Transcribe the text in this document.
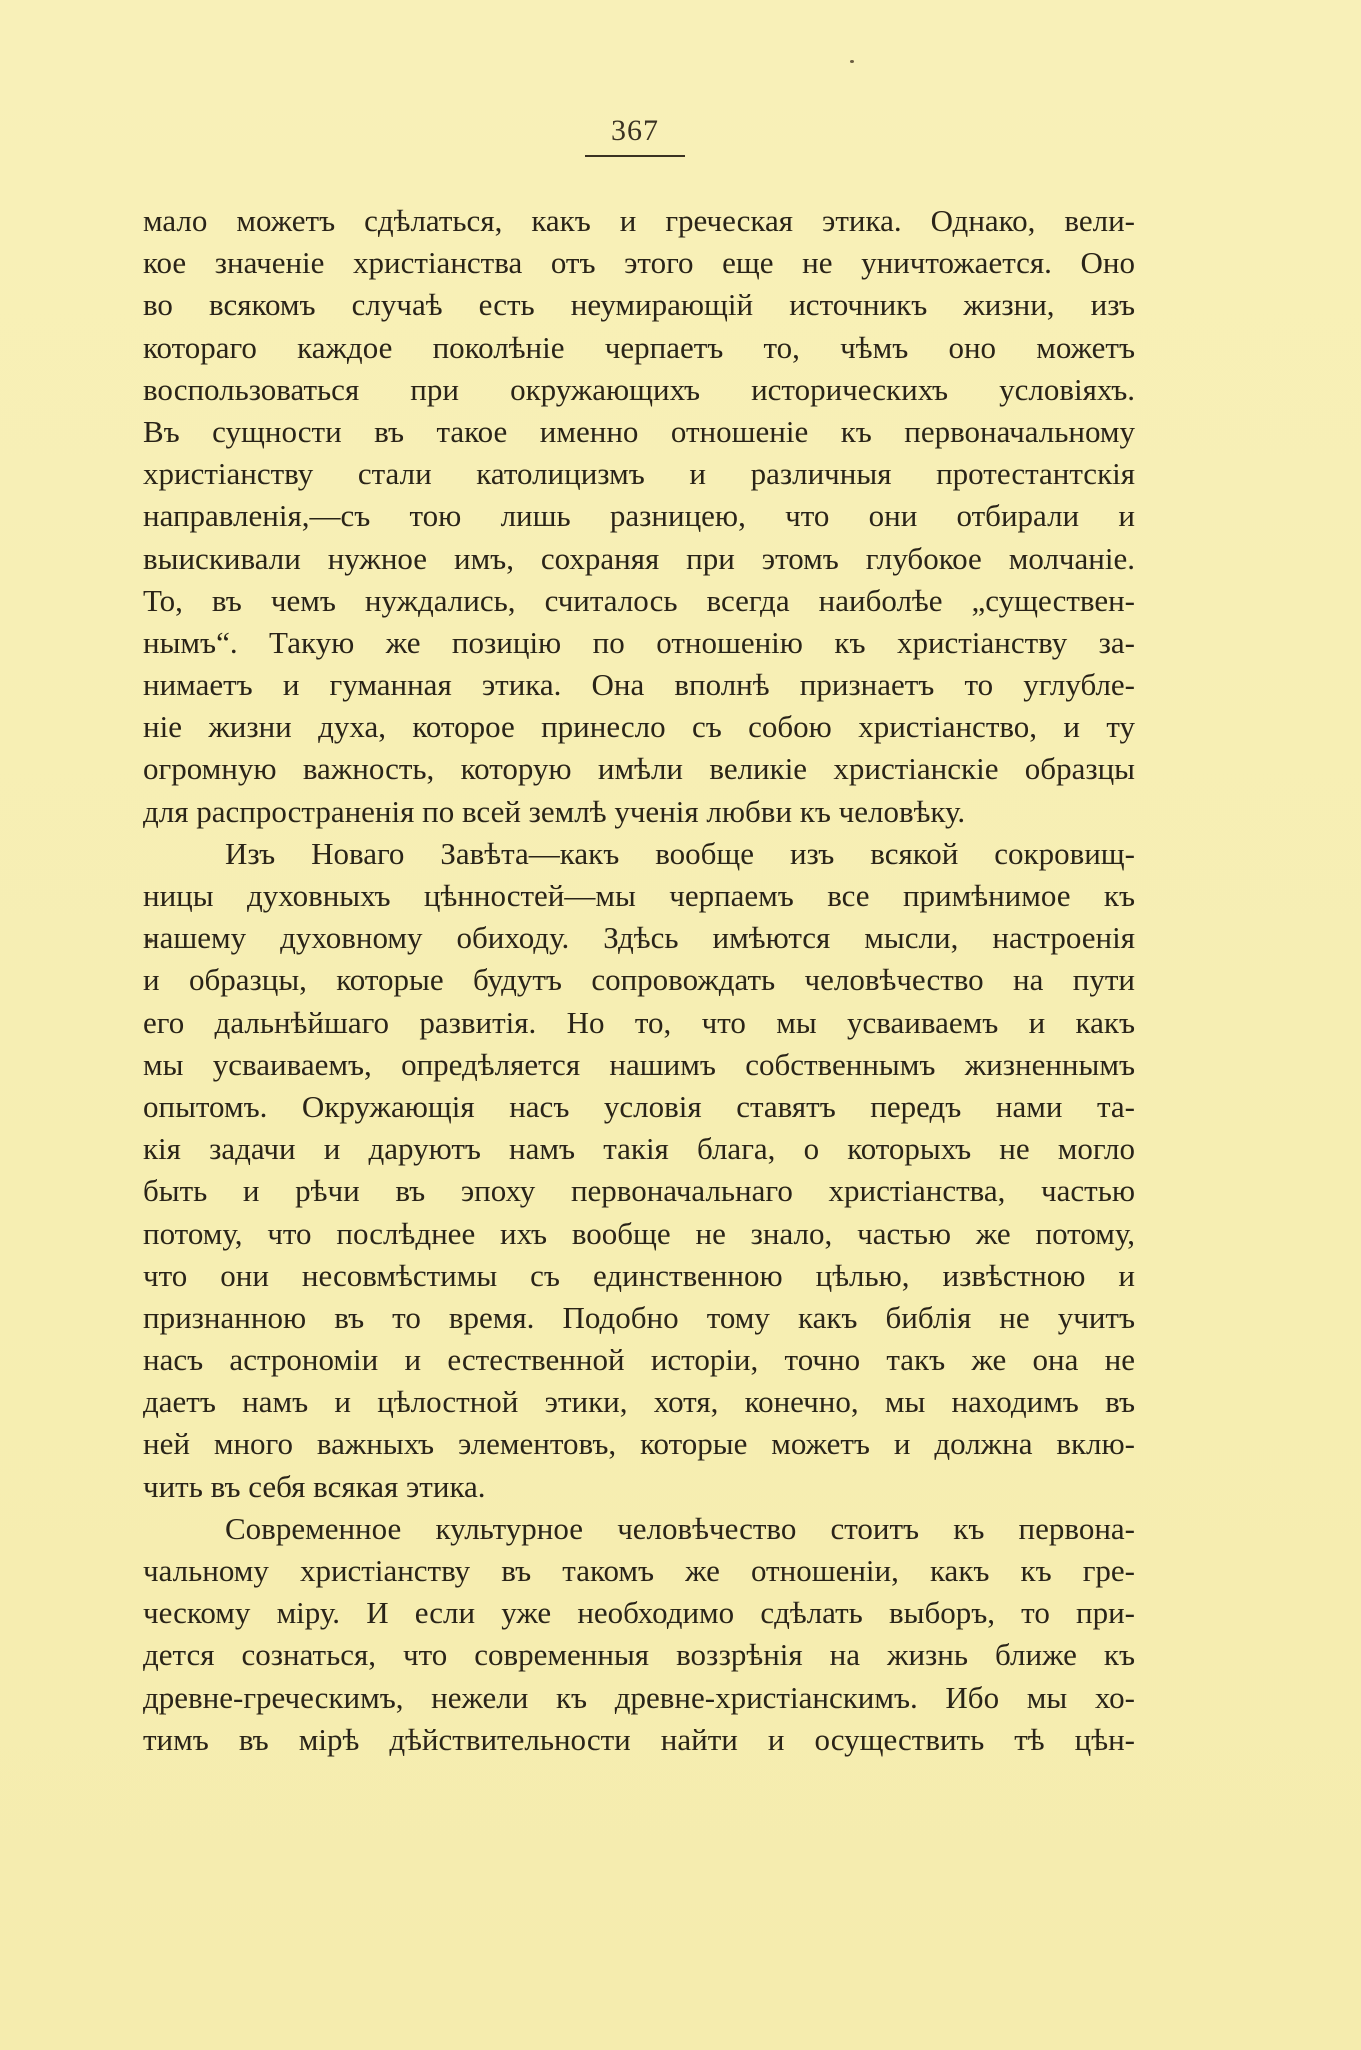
367
мало можетъ сдѣлаться, какъ и греческая этика. Однако, вели-
кое значенiе христiанства отъ этого еще не уничтожается. Оно
во всякомъ случаѣ есть неумирающiй источникъ жизни, изъ
котораго каждое поколѣнiе черпаетъ то, чѣмъ оно можетъ
воспользоваться при окружающихъ историческихъ условiяхъ.
Въ сущности въ такое именно отношенiе къ первоначальному
христiанству стали католицизмъ и различныя протестантскiя
направленiя,—съ тою лишь разницею, что они отбирали и
выискивали нужное имъ, сохраняя при этомъ глубокое молчанiе.
То, въ чемъ нуждались, считалось всегда наиболѣе „существен-
нымъ“. Такую же позицiю по отношенiю къ христiанству за-
нимаетъ и гуманная этика. Она вполнѣ признаетъ то углубле-
нiе жизни духа, которое принесло съ собою христiанство, и ту
огромную важность, которую имѣли великiе христiанскiе образцы
для распространенiя по всей землѣ ученiя любви къ человѣку.
Изъ Новаго Завѣта—какъ вообще изъ всякой сокровищ-
ницы духовныхъ цѣнностей—мы черпаемъ все примѣнимое къ
нашему духовному обиходу. Здѣсь имѣются мысли, настроенiя
и образцы, которые будутъ сопровождать человѣчество на пути
его дальнѣйшаго развитiя. Но то, что мы усваиваемъ и какъ
мы усваиваемъ, опредѣляется нашимъ собственнымъ жизненнымъ
опытомъ. Окружающiя насъ условiя ставятъ передъ нами та-
кiя задачи и даруютъ намъ такiя блага, о которыхъ не могло
быть и рѣчи въ эпоху первоначальнаго христiанства, частью
потому, что послѣднее ихъ вообще не знало, частью же потому,
что они несовмѣстимы съ единственною цѣлью, извѣстною и
признанною въ то время. Подобно тому какъ библiя не учитъ
насъ астрономiи и естественной исторiи, точно такъ же она не
даетъ намъ и цѣлостной этики, хотя, конечно, мы находимъ въ
ней много важныхъ элементовъ, которые можетъ и должна вклю-
чить въ себя всякая этика.
Современное культурное человѣчество стоитъ къ первона-
чальному христiанству въ такомъ же отношенiи, какъ къ гре-
ческому мiру. И если уже необходимо сдѣлать выборъ, то при-
дется сознаться, что современныя воззрѣнiя на жизнь ближе къ
древне-греческимъ, нежели къ древне-христiанскимъ. Ибо мы хо-
тимъ въ мiрѣ дѣйствительности найти и осуществить тѣ цѣн-
